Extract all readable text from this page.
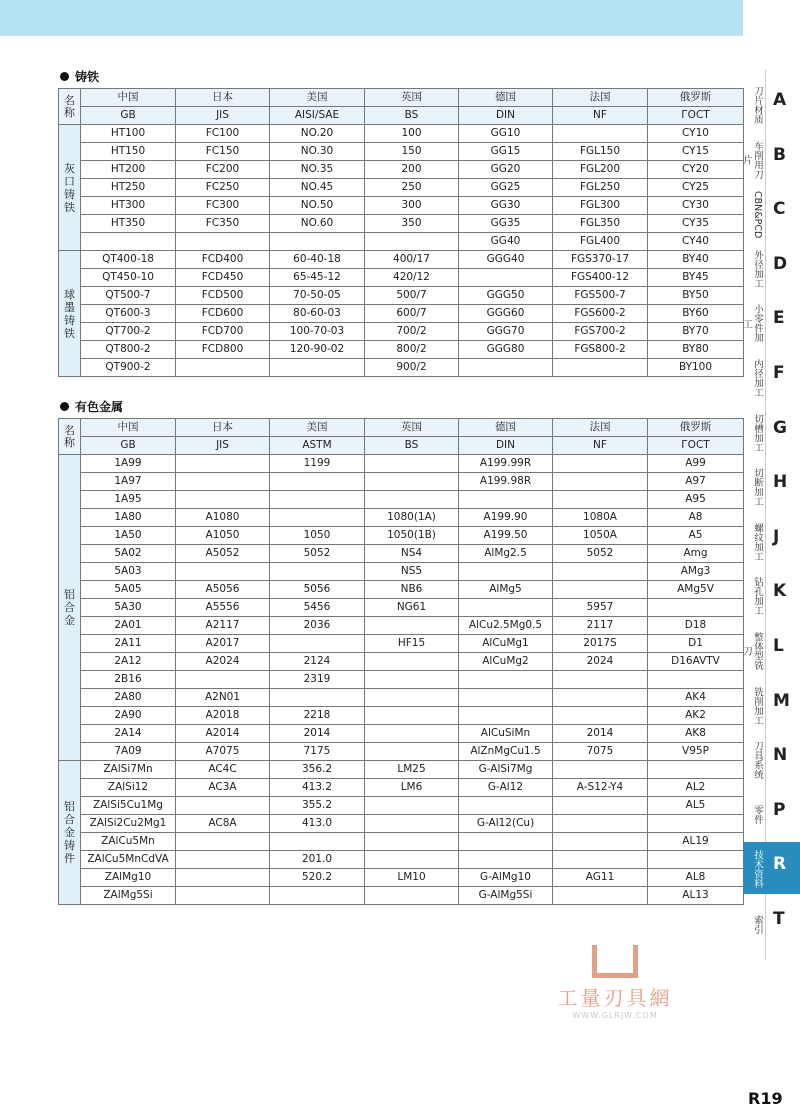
铸铁
名称	中国	日本	美国	英国	德国	法国	俄罗斯
	GB	JIS	AISI/SAE	BS	DIN	NF	ГОСТ
灰口铸铁	HT100	FC100	NO.20	100	GG10		CY10
	HT150	FC150	NO.30	150	GG15	FGL150	CY15
	HT200	FC200	NO.35	200	GG20	FGL200	CY20
	HT250	FC250	NO.45	250	GG25	FGL250	CY25
	HT300	FC300	NO.50	300	GG30	FGL300	CY30
	HT350	FC350	NO.60	350	GG35	FGL350	CY35
					GG40	FGL400	CY40
球墨铸铁	QT400-18	FCD400	60-40-18	400/17	GGG40	FGS370-17	BY40
	QT450-10	FCD450	65-45-12	420/12		FGS400-12	BY45
	QT500-7	FCD500	70-50-05	500/7	GGG50	FGS500-7	BY50
	QT600-3	FCD600	80-60-03	600/7	GGG60	FGS600-2	BY60
	QT700-2	FCD700	100-70-03	700/2	GGG70	FGS700-2	BY70
	QT800-2	FCD800	120-90-02	800/2	GGG80	FGS800-2	BY80
	QT900-2			900/2			BY100
有色金属
名称	中国	日本	美国	英国	德国	法国	俄罗斯
	GB	JIS	ASTM	BS	DIN	NF	ГОСТ
铝合金	1A99		1199		A199.99R		A99
	1A97				A199.98R		A97
	1A95						A95
	1A80	A1080		1080(1A)	A199.90	1080A	A8
	1A50	A1050	1050	1050(1B)	A199.50	1050A	A5
	5A02	A5052	5052	NS4	AlMg2.5	5052	Amg
	5A03			NS5			AMg3
	5A05	A5056	5056	NB6	AlMg5		AMg5V
	5A30	A5556	5456	NG61		5957	
	2A01	A2117	2036		AlCu2.5Mg0.5	2117	D18
	2A11	A2017		HF15	AlCuMg1	2017S	D1
	2A12	A2024	2124		AlCuMg2	2024	D16AVTV
	2B16		2319				
	2A80	A2N01					AK4
	2A90	A2018	2218				AK2
	2A14	A2014	2014		AlCuSiMn	2014	AK8
	7A09	A7075	7175		AlZnMgCu1.5	7075	V95P
铝合金铸件	ZAlSi7Mn	AC4C	356.2	LM25	G-AlSi7Mg		
	ZAlSi12	AC3A	413.2	LM6	G-Al12	A-S12-Y4	AL2
	ZAlSi5Cu1Mg		355.2				AL5
	ZAlSi2Cu2Mg1	AC8A	413.0		G-Al12(Cu)		
	ZAlCu5Mn						AL19
	ZAlCu5MnCdVA		201.0				
	ZAlMg10		520.2	LM10	G-AlMg10	AG11	AL8
	ZAlMg5Si				G-AlMg5Si		AL13
刀片材质 A
车削用刀片	B
CBN&PCD C
外径加工 D
小零件加工	E
内径加工 F
切槽加工 G
切断加工 H
螺纹加工 J
钻孔加工 K
整体型铣刀	L
铣削加工 M
刀具系统 N
零件 P
技术资料 R
索引 T
工量刃具網
WWW.GLRJW.COM
R19
